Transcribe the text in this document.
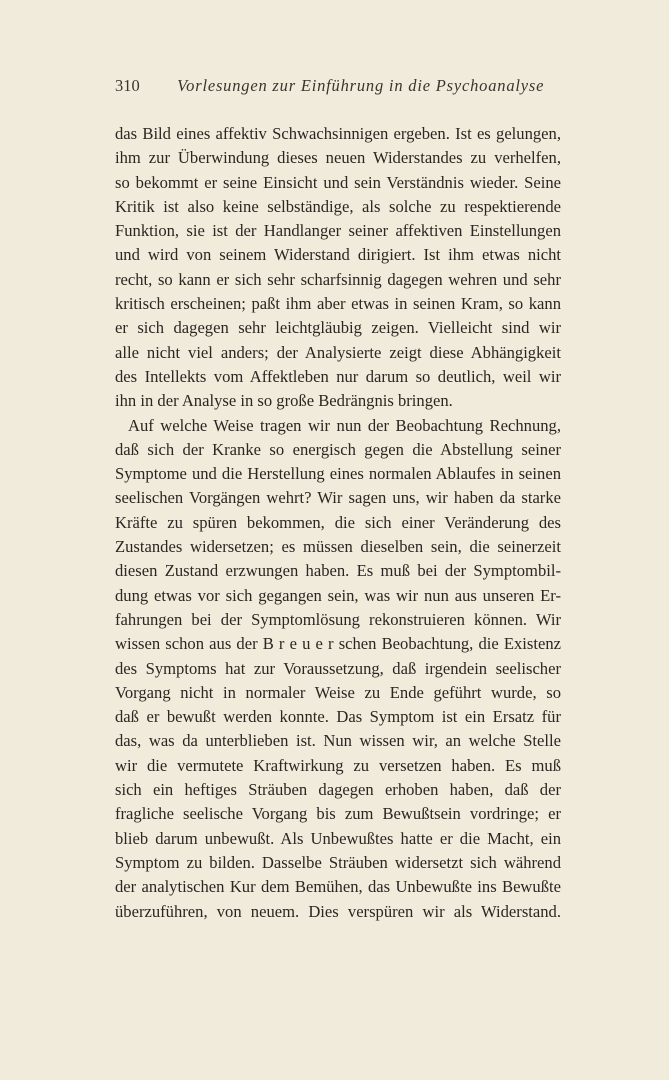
310 Vorlesungen zur Einführung in die Psychoanalyse
das Bild eines affektiv Schwachsinnigen ergeben. Ist es gelungen,
ihm zur Überwindung dieses neuen Widerstandes zu verhelfen,
so bekommt er seine Einsicht und sein Verständnis wieder. Seine
Kritik ist also keine selbständige, als solche zu respektierende
Funktion, sie ist der Handlanger seiner affektiven Einstellungen
und wird von seinem Widerstand dirigiert. Ist ihm etwas nicht
recht, so kann er sich sehr scharfsinnig dagegen wehren und sehr
kritisch erscheinen; paßt ihm aber etwas in seinen Kram, so kann
er sich dagegen sehr leichtgläubig zeigen. Vielleicht sind wir
alle nicht viel anders; der Analysierte zeigt diese Abhängigkeit
des Intellekts vom Affektleben nur darum so deutlich, weil wir
ihn in der Analyse in so große Bedrängnis bringen.
Auf welche Weise tragen wir nun der Beobachtung Rechnung,
daß sich der Kranke so energisch gegen die Abstellung seiner
Symptome und die Herstellung eines normalen Ablaufes in seinen
seelischen Vorgängen wehrt? Wir sagen uns, wir haben da starke
Kräfte zu spüren bekommen, die sich einer Veränderung des
Zustandes widersetzen; es müssen dieselben sein, die seinerzeit
diesen Zustand erzwungen haben. Es muß bei der Symptombil-
dung etwas vor sich gegangen sein, was wir nun aus unseren Er-
fahrungen bei der Symptomlösung rekonstruieren können. Wir
wissen schon aus der B r e u e r schen Beobachtung, die Existenz
des Symptoms hat zur Voraussetzung, daß irgendein seelischer
Vorgang nicht in normaler Weise zu Ende geführt wurde, so
daß er bewußt werden konnte. Das Symptom ist ein Ersatz für
das, was da unterblieben ist. Nun wissen wir, an welche Stelle
wir die vermutete Kraftwirkung zu versetzen haben. Es muß
sich ein heftiges Sträuben dagegen erhoben haben, daß der
fragliche seelische Vorgang bis zum Bewußtsein vordringe; er
blieb darum unbewußt. Als Unbewußtes hatte er die Macht, ein
Symptom zu bilden. Dasselbe Sträuben widersetzt sich während
der analytischen Kur dem Bemühen, das Unbewußte ins Bewußte
überzuführen, von neuem. Dies verspüren wir als Widerstand.
